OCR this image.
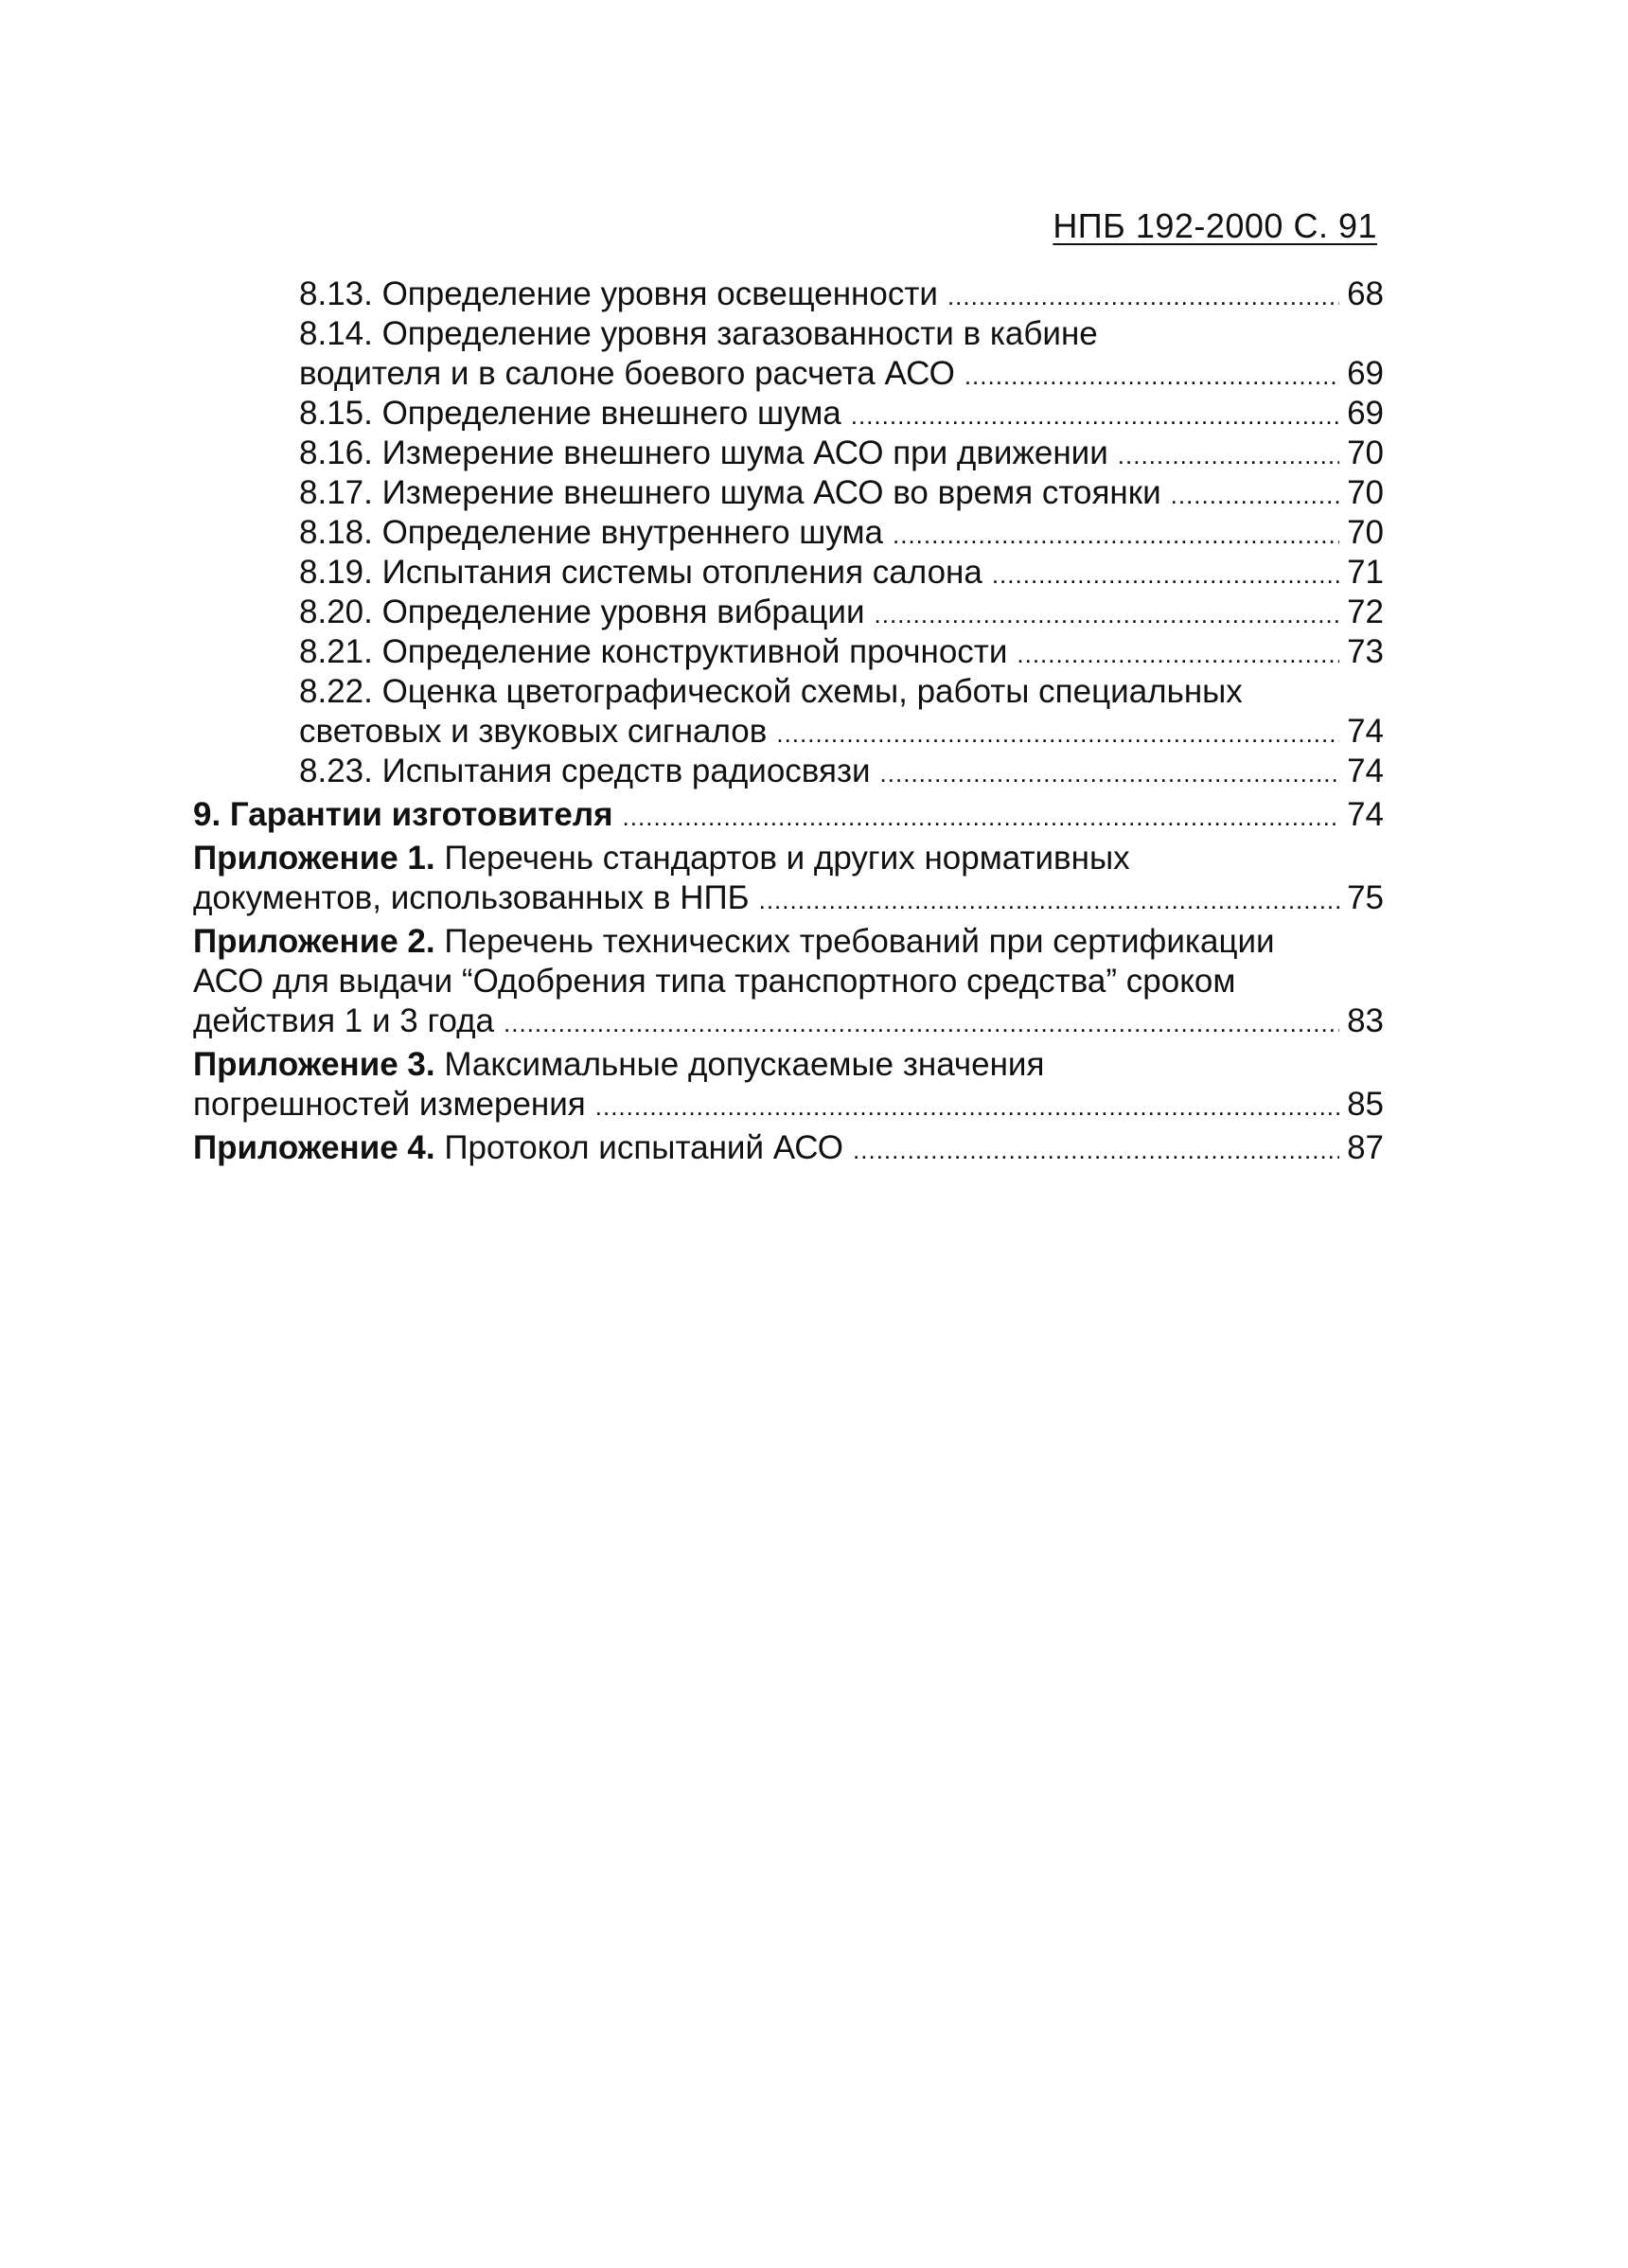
НПБ 192-2000 С. 91
8.13. Определение уровня освещенности .....	68
8.14. Определение уровня загазованности в кабине
водителя и в салоне боевого расчета АСО .....	69
8.15. Определение внешнего шума .....	69
8.16. Измерение внешнего шума АСО при движении .....	70
8.17. Измерение внешнего шума АСО во время стоянки .....	70
8.18. Определение внутреннего шума .....	70
8.19. Испытания системы отопления салона .....	71
8.20. Определение уровня вибрации .....	72
8.21. Определение конструктивной прочности .....	73
8.22. Оценка цветографической схемы, работы специальных
световых и звуковых сигналов .....	74
8.23. Испытания средств радиосвязи .....	74
9. Гарантии изготовителя .....	74
Приложение 1. Перечень стандартов и других нормативных
документов, использованных в НПБ .....	75
Приложение 2. Перечень технических требований при сертификации
АСО для выдачи “Одобрения типа транспортного средства” сроком
действия 1 и 3 года .....	83
Приложение 3. Максимальные допускаемые значения
погрешностей измерения .....	85
Приложение 4. Протокол испытаний АСО .....	87
